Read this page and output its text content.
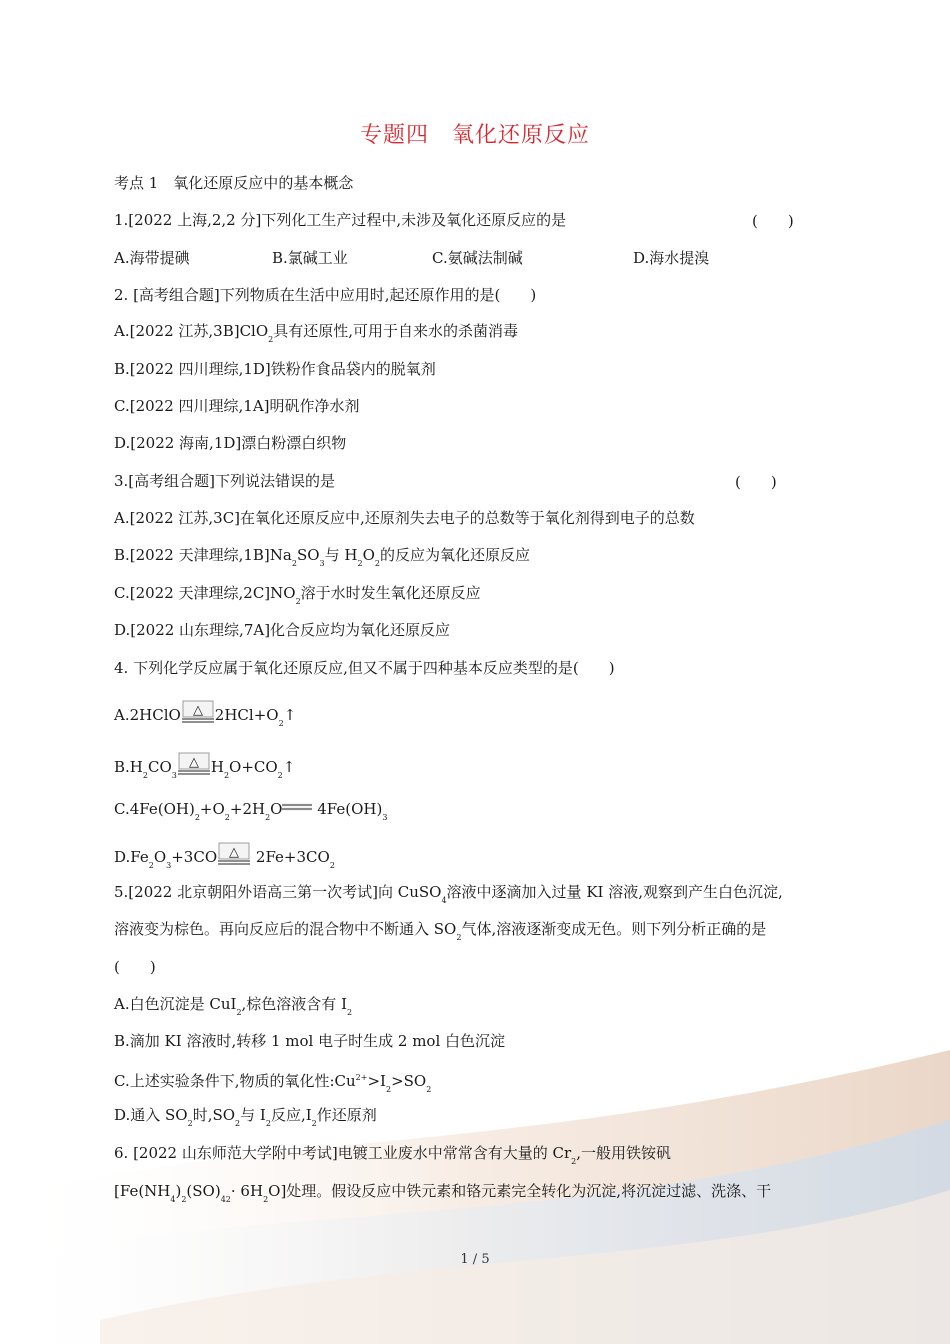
专题四　氧化还原反应
考点 1　氧化还原反应中的基本概念
1.[2022 上海,2,2 分]下列化工生产过程中,未涉及氧化还原反应的是	(　　)
A.海带提碘	B.氯碱工业	C.氨碱法制碱	D.海水提溴
2. [高考组合题]下列物质在生活中应用时,起还原作用的是(　　)
A.[2022 江苏,3B]ClO$_2$具有还原性,可用于自来水的杀菌消毒
B.[2022 四川理综,1D]铁粉作食品袋内的脱氧剂
C.[2022 四川理综,1A]明矾作净水剂
D.[2022 海南,1D]漂白粉漂白织物
3.[高考组合题]下列说法错误的是	(　　)
A.[2022 江苏,3C]在氧化还原反应中,还原剂失去电子的总数等于氧化剂得到电子的总数
B.[2022 天津理综$,1B]Na_2SO_3$与 $H_2O_2$的反应为氧化还原反应
C.[2022 天津理综$,2C]NO_2$溶于水时发生氧化还原反应
D.[2022 山东理综,7A]化合反应均为氧化还原反应
4. 下列化学反应属于氧化还原反应,但又不属于四种基本反应类型的是(　　)
A.2HClO △ $2HCl+O_2↑$
$B.H_2CO_3$
△ $H_2O+CO_2↑$
$C.4Fe(OH)_2+O_2+2H_2O$ $4Fe(OH)_3$
$D.Fe_2O_3+3CO$ △ $2Fe+3CO_2$
5.[2022 北京朝阳外语高三第一次考试]向 CuSO$_4$溶液中逐滴加入过量 KI 溶液,观察到产生白色沉淀,
溶液变为棕色。再向反应后的混合物中不断通入 $SO_2$气体,溶液逐渐变成无色。则下列分析正确的是
(　　)
A.白色沉淀是 CuI$_2$,棕色溶液含有 $I_2$
B.滴加 KI 溶液时,转移 1 mol 电子时生成 2 mol 白色沉淀
C.上述实验条件下,物质的氧化性$:Cu^{2+}>I_2>SO_2$
D.通入 $SO_2$时$,SO_2$与 $I_2$反应$,I_2$作还原剂
6. [2022 山东师范大学附中考试]电镀工业废水中常常含有大量的 $Cr_2$,一般用铁铵矾
$[Fe(NH_4)_2(SO)_{42}\cdot 6H_2O]$处理。假设反应中铁元素和铬元素完全转化为沉淀,将沉淀过滤、洗涤、干
1 / 5
